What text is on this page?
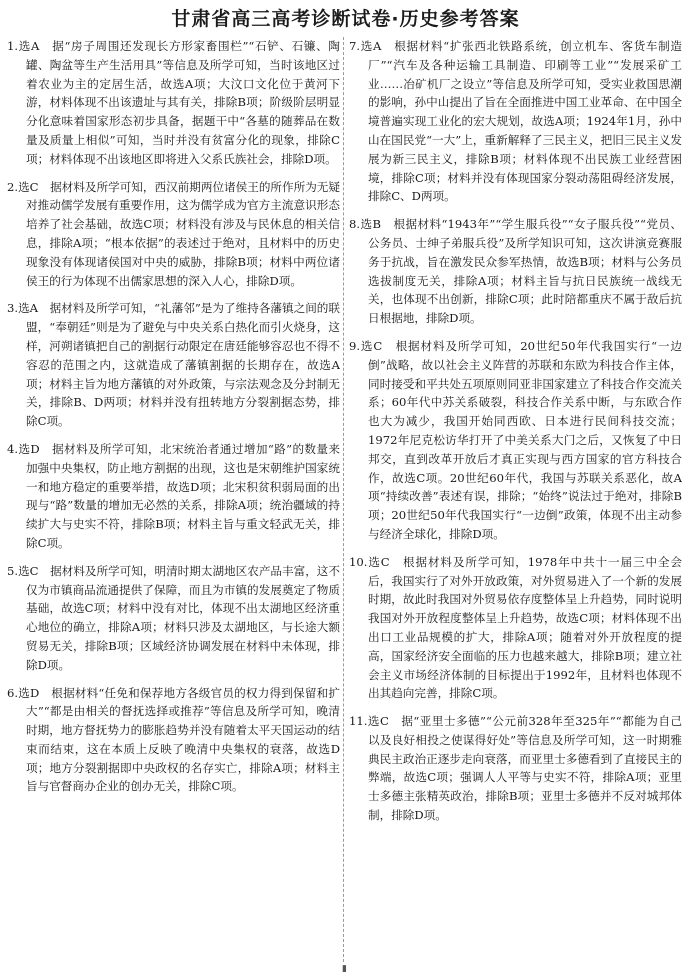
甘肃省高三高考诊断试卷·历史参考答案

1.选A　据“房子周围还发现长方形家畜围栏”“石铲、石镰、陶罐、陶盆等生产生活用具”等信息及所学可知，当时该地区过着农业为主的定居生活，故选A项；大汶口文化位于黄河下游，材料体现不出该遗址与其有关，排除B项；阶级阶层明显分化意味着国家形态初步具备，据题干中“各墓的随葬品在数量及质量上相似”可知，当时并没有贫富分化的现象，排除C项；材料体现不出该地区即将进入父系氏族社会，排除D项。

2.选C　据材料及所学可知，西汉前期两位诸侯王的所作所为无疑对推动儒学发展有重要作用，这为儒学成为官方主流意识形态培养了社会基础，故选C项；材料没有涉及与民休息的相关信息，排除A项；“根本依据”的表述过于绝对，且材料中的历史现象没有体现诸侯国对中央的威胁，排除B项；材料中两位诸侯王的行为体现不出儒家思想的深入人心，排除D项。

3.选A　据材料及所学可知，“礼藩邻”是为了维持各藩镇之间的联盟，“奉朝廷”则是为了避免与中央关系白热化而引火烧身，这样，河朔诸镇把自己的割据行动限定在唐廷能够容忍也不得不容忍的范围之内，这就造成了藩镇割据的长期存在，故选A项；材料主旨为地方藩镇的对外政策，与宗法观念及分封制无关，排除B、D两项；材料并没有扭转地方分裂割据态势，排除C项。

4.选D　据材料及所学可知，北宋统治者通过增加“路”的数量来加强中央集权，防止地方割据的出现，这也是宋朝维护国家统一和地方稳定的重要举措，故选D项；北宋积贫积弱局面的出现与“路”数量的增加无必然的关系，排除A项；统治疆域的持续扩大与史实不符，排除B项；材料主旨与重文轻武无关，排除C项。

5.选C　据材料及所学可知，明清时期太湖地区农产品丰富，这不仅为市镇商品流通提供了保障，而且为市镇的发展奠定了物质基础，故选C项；材料中没有对比，体现不出太湖地区经济重心地位的确立，排除A项；材料只涉及太湖地区，与长途大额贸易无关，排除B项；区域经济协调发展在材料中未体现，排除D项。

6.选D　根据材料“任免和保荐地方各级官员的权力得到保留和扩大”“都是由相关的督抚选择或推荐”等信息及所学可知，晚清时期，地方督抚势力的膨胀趋势并没有随着太平天国运动的结束而结束，这在本质上反映了晚清中央集权的衰落，故选D项；地方分裂割据即中央政权的名存实亡，排除A项；材料主旨与官督商办企业的创办无关，排除C项。

7.选A　根据材料“扩张西北铁路系统，创立机车、客货车制造厂”“汽车及各种运输工具制造、印刷等工业”“发展采矿工业……冶矿机厂之设立”等信息及所学可知，受实业救国思潮的影响，孙中山提出了旨在全面推进中国工业革命、在中国全境普遍实现工业化的宏大规划，故选A项；1924年1月，孙中山在国民党“一大”上，重新解释了三民主义，把旧三民主义发展为新三民主义，排除B项；材料体现不出民族工业经营困境，排除C项；材料并没有体现国家分裂动荡阻碍经济发展，排除C、D两项。

8.选B　根据材料“1943年”“学生服兵役”“女子服兵役”“党员、公务员、士绅子弟服兵役”及所学知识可知，这次讲演竞赛服务于抗战，旨在激发民众参军热情，故选B项；材料与公务员选拔制度无关，排除A项；材料主旨与抗日民族统一战线无关，也体现不出创新，排除C项；此时陪都重庆不属于敌后抗日根据地，排除D项。

9.选C　根据材料及所学可知，20世纪50年代我国实行“一边倒”战略，故以社会主义阵营的苏联和东欧为科技合作主体，同时接受和平共处五项原则同亚非国家建立了科技合作交流关系；60年代中苏关系破裂，科技合作关系中断，与东欧合作也大为减少，我国开始同西欧、日本进行民间科技交流；1972年尼克松访华打开了中美关系大门之后，又恢复了中日邦交，直到改革开放后才真正实现与西方国家的官方科技合作，故选C项。20世纪60年代，我国与苏联关系恶化，故A项“持续改善”表述有误，排除；“始终”说法过于绝对，排除B项；20世纪50年代我国实行“一边倒”政策，体现不出主动参与经济全球化，排除D项。

10.选C　根据材料及所学可知，1978年中共十一届三中全会后，我国实行了对外开放政策，对外贸易进入了一个新的发展时期，故此时我国对外贸易依存度整体呈上升趋势，同时说明我国对外开放程度整体呈上升趋势，故选C项；材料体现不出出口工业品规模的扩大，排除A项；随着对外开放程度的提高，国家经济安全面临的压力也越来越大，排除B项；建立社会主义市场经济体制的目标提出于1992年，且材料也体现不出其趋向完善，排除C项。

11.选C　据“亚里士多德”“公元前328年至325年”“都能为自己以及良好相投之使谋得好处”等信息及所学可知，这一时期雅典民主政治正逐步走向衰落，而亚里士多德看到了直接民主的弊端，故选C项；强调人人平等与史实不符，排除A项；亚里士多德主张精英政治，排除B项；亚里士多德并不反对城邦体制，排除D项。

▮
